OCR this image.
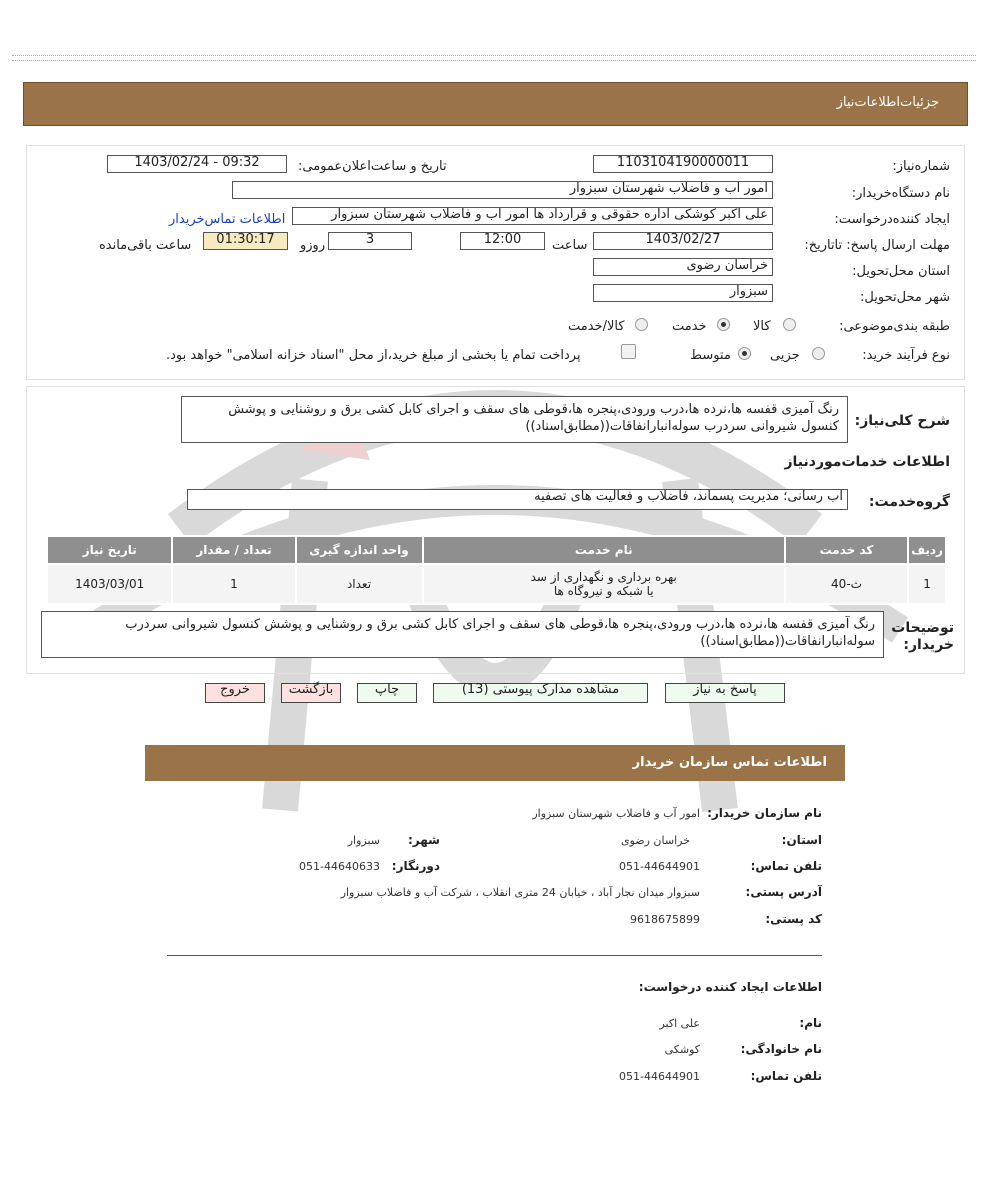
جزئیات‌اطلاعات‌نیاز
شماره‌نیاز:
1103104190000011
تاریخ و ساعت‌اعلان‌عمومی:
1403/02/24 - 09:32
نام دستگاه‌خریدار:
امور آب و فاضلاب شهرستان سبزوار
ایجاد کننده‌درخواست:
علی اکبر کوشکی اداره حقوقی و قرارداد ها امور آب و فاضلاب شهرستان سبزوار
اطلاعات تماس‌خریدار
مهلت ارسال پاسخ: تاتاریخ:
1403/02/27
ساعت
12:00
3
روزو
01:30:17
ساعت باقی‌مانده
استان محل‌تحویل:
خراسان رضوی
شهر محل‌تحویل:
سبزوار
طبقه بندی‌موضوعی:
کالا
خدمت
کالا/خدمت
نوع فرآیند خرید:
جزیی
متوسط
پرداخت تمام یا بخشی از مبلغ خرید،از محل "اسناد خزانه اسلامی" خواهد بود.
شرح کلی‌نیاز:
رنگ آمیزی قفسه ها،نرده ها،درب ورودی،پنجره ها،قوطی های سقف و اجرای کابل کشی برق و روشنایی و پوشش کنسول شیروانی سردرب سوله‌انبارانفاقات((مطابق‌اسناد))
اطلاعات خدمات‌مورد‌نیاز
گروه‌خدمت:
آب رسانی؛ مدیریت پسماند، فاضلاب و فعالیت های تصفیه
ردیف	کد خدمت	نام خدمت	واحد اندازه گیری	تعداد / مقدار	تاریخ نیاز
1	ث-40	بهره برداری و نگهداری از سد
یا شبکه و نیروگاه ها	تعداد	1	1403/03/01
توضیحات
خریدار:
رنگ آمیزی قفسه ها،نرده ها،درب ورودی،پنجره ها،قوطی های سقف و اجرای کابل کشی برق و روشنایی و پوشش کنسول شیروانی سردرب سوله‌انبارانفاقات((مطابق‌اسناد))
پاسخ به نیاز
مشاهده مدارک پیوستی (13)
چاپ
بازگشت
خروج
اطلاعات تماس سازمان خریدار
نام سازمان خریدار:
امور آب و فاضلاب شهرستان سبزوار
استان:
خراسان رضوی
شهر:
سبزوار
تلفن تماس:
051-44644901
دورنگار:
051-44640633
آدرس پستی:
سبزوار میدان نجار آباد ، خیابان 24 متری انقلاب ، شرکت آب و فاضلاب سبزوار
کد پستی:
9618675899
اطلاعات ایجاد کننده درخواست:
نام:
علی اکبر
نام خانوادگی:
کوشکی
تلفن تماس:
051-44644901
